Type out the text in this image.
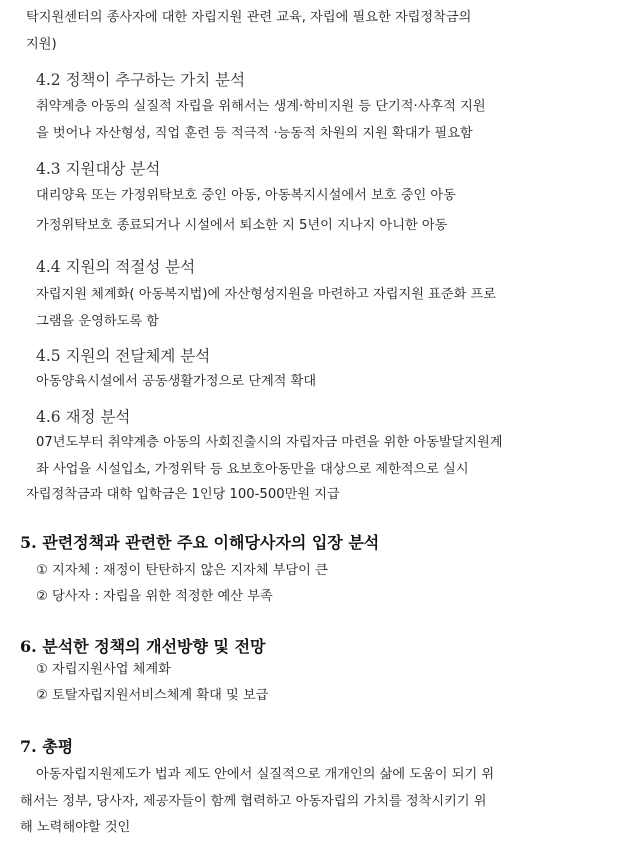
탁지원센터의 종사자에 대한 자립지원 관련 교육, 자립에 필요한 자립정착금의
지원)
4.2 정책이 추구하는 가치 분석
취약계층 아동의 실질적 자립을 위해서는 생계·학비지원 등 단기적·사후적 지원
을 벗어나 자산형성, 직업 훈련 등 적극적 ·능동적 차원의 지원 확대가 필요함
4.3 지원대상 분석
대리양육 또는 가정위탁보호 중인 아동, 아동복지시설에서 보호 중인 아동
가정위탁보호 종료되거나 시설에서 퇴소한 지 5년이 지나지 아니한 아동
4.4 지원의 적절성 분석
자립지원 체계화( 아동복지법)에 자산형성지원을 마련하고 자립지원 표준화 프로
그램을 운영하도록 함
4.5 지원의 전달체계 분석
아동양육시설에서 공동생활가정으로 단계적 확대
4.6 재정 분석
07년도부터 취약계층 아동의 사회진출시의 자립자금 마련을 위한 아동발달지원계
좌 사업을 시설입소, 가정위탁 등 요보호아동만을 대상으로 제한적으로 실시
자립정착금과 대학 입학금은 1인당 100-500만원 지급
5. 관련정책과 관련한 주요 이해당사자의 입장 분석
① 지자체 : 재정이 탄탄하지 않은 지자체 부담이 큰
② 당사자 : 자립을 위한 적정한 예산 부족
6. 분석한 정책의 개선방향 및 전망
① 자립지원사업 체계화
② 토탈자립지원서비스체계 확대 및 보급
7. 총평
아동자립지원제도가 법과 제도 안에서 실질적으로 개개인의 삶에 도움이 되기 위
해서는 정부, 당사자, 제공자들이 함께 협력하고 아동자립의 가치를 정착시키기 위
해 노력해야할 것인
